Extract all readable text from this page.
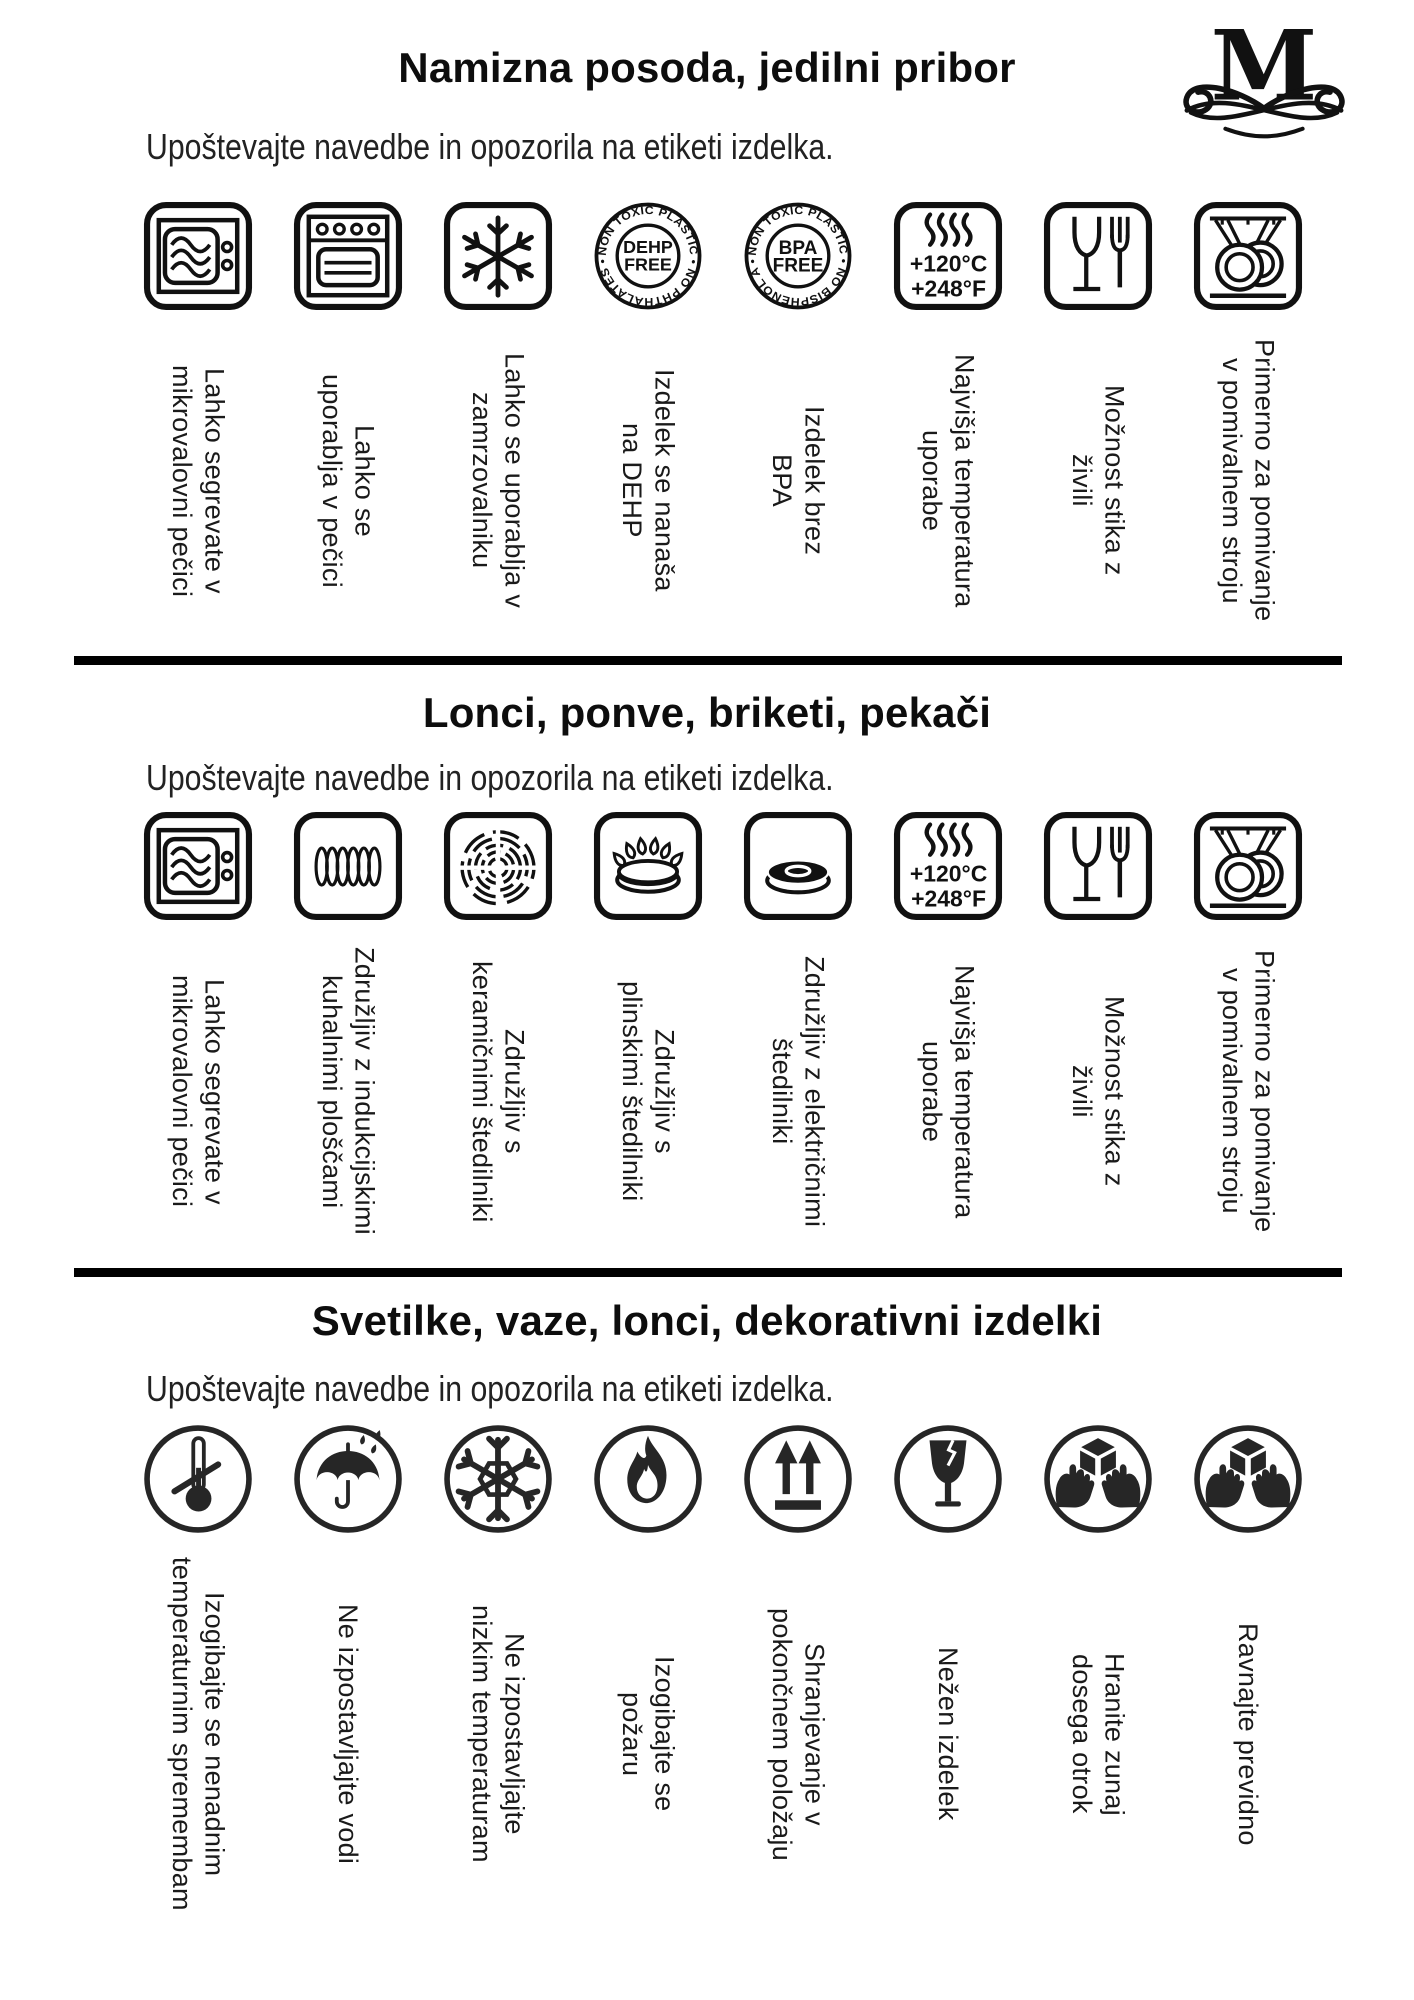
M
Namizna posoda, jedilni pribor
Upoštevajte navedbe in opozorila na etiketi izdelka.
Lahko segrevate v
mikrovalovni pečici	Lahko se
uporablja v pečici	Lahko se uporablja v
zamrzovalniku	Izdelek se nanaša
na DEHP	Izdelek brez
BPA	Najvišja temperatura
uporabe	Možnost stika z
živili	Primerno za pomivanje
v pomivalnem stroju
Lonci, ponve, briketi, pekači
Upoštevajte navedbe in opozorila na etiketi izdelka.
Lahko segrevate v
mikrovalovni pečici	Združljiv z indukcijskimi
kuhalnimi ploščami	Združljiv s
keramičnimi štedilniki	Združljiv s
plinskimi štedilniki	Združljiv z električnimi
štedilniki	Najvišja temperatura
uporabe	Možnost stika z
živili	Primerno za pomivanje
v pomivalnem stroju
Svetilke, vaze, lonci, dekorativni izdelki
Upoštevajte navedbe in opozorila na etiketi izdelka.
Izogibajte se nenadnim
temperaturnim spremembam	Ne izpostavljajte vodi	Ne izpostavljajte
nizkim temperaturam	Izogibajte se
požaru	Shranjevanje v
pokončnem položaju	Nežen izdelek	Hranite zunaj
dosega otrok	Ravnajte previdno
